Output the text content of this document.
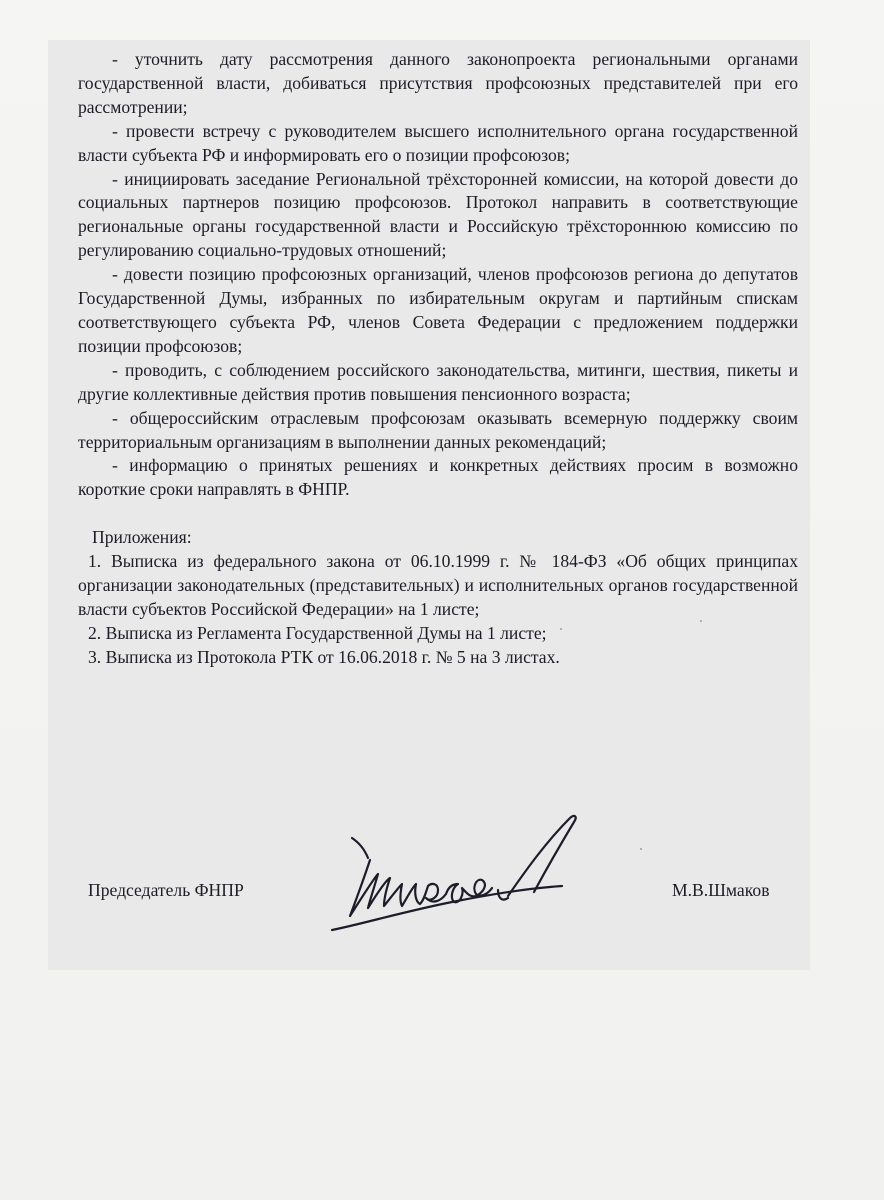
- уточнить дату рассмотрения данного законопроекта региональными органами государственной власти, добиваться присутствия профсоюзных представителей при его рассмотрении;

- провести встречу с руководителем высшего исполнительного органа государственной власти субъекта РФ и информировать его о позиции профсоюзов;

- инициировать заседание Региональной трёхсторонней комиссии, на которой довести до социальных партнеров позицию профсоюзов. Протокол направить в соответствующие региональные органы государственной власти и Российскую трёхстороннюю комиссию по регулированию социально-трудовых отношений;

- довести позицию профсоюзных организаций, членов профсоюзов региона до депутатов Государственной Думы, избранных по избирательным округам и партийным спискам соответствующего субъекта РФ, членов Совета Федерации с предложением поддержки позиции профсоюзов;

- проводить, с соблюдением российского законодательства, митинги, шествия, пикеты и другие коллективные действия против повышения пенсионного возраста;

- общероссийским отраслевым профсоюзам оказывать всемерную поддержку своим территориальным организациям в выполнении данных рекомендаций;

- информацию о принятых решениях и конкретных действиях просим в возможно короткие сроки направлять в ФНПР.

Приложения:

1. Выписка из федерального закона от 06.10.1999 г. № 184-ФЗ «Об общих принципах организации законодательных (представительных) и исполнительных органов государственной власти субъектов Российской Федерации» на 1 листе;

2. Выписка из Регламента Государственной Думы на 1 листе;

3. Выписка из Протокола РТК от 16.06.2018 г. № 5 на 3 листах.

Председатель ФНПР	М.В.Шмаков
